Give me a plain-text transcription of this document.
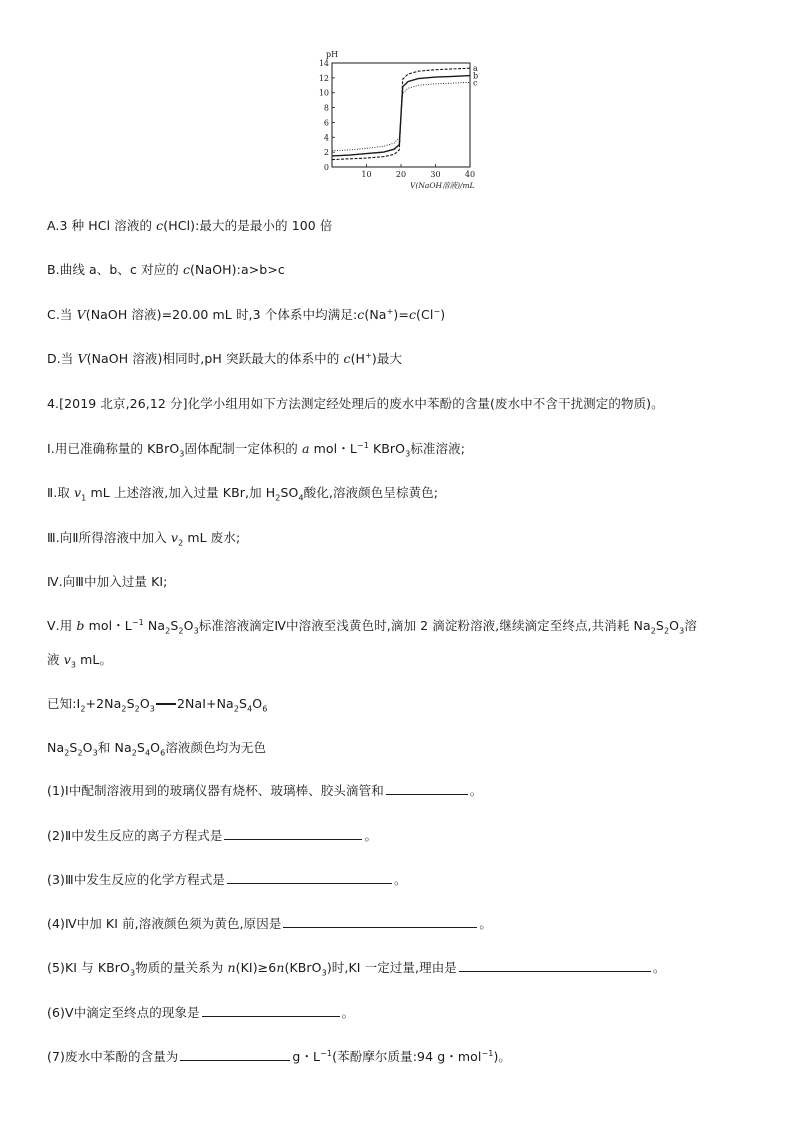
pH
V(NaOH溶液)/mL
0
2
4
6
8
10
12
14
10	20	30	40
a
b
c
A.3 种 HCl 溶液的 c(HCl):最大的是最小的 100 倍
B.曲线 a、b、c 对应的 c(NaOH):a>b>c
C.当 V(NaOH 溶液)=20.00 mL 时,3 个体系中均满足:c(Na+)=c(Cl−)
D.当 V(NaOH 溶液)相同时,pH 突跃最大的体系中的 c(H+)最大
4.[2019 北京,26,12 分]化学小组用如下方法测定经处理后的废水中苯酚的含量(废水中不含干扰测定的物质)。
Ⅰ.用已准确称量的 KBrO$_3$固体配制一定体积的 a mol・$L^{-1}$ KBrO$_3$标准溶液;
Ⅱ.取 $v_1$ mL 上述溶液,加入过量 KBr,加 $H_2SO_4$酸化,溶液颜色呈棕黄色;
Ⅲ.向Ⅱ所得溶液中加入 $v_2$ mL 废水;
Ⅳ.向Ⅲ中加入过量 KI;
Ⅴ.用 b mol・$L^{-1}$ $Na_2S_2O_3$标准溶液滴定Ⅳ中溶液至浅黄色时,滴加 2 滴淀粉溶液,继续滴定至终点,共消耗 $Na_2S_2O_3$溶
液 $v_3$ mL。
已知$:I_2+2Na_2S_2O_3$ $2NaI+Na_2S_4O_6$
$Na_2S_2O_3$和 $Na_2S_4O_6$溶液颜色均为无色
(1)Ⅰ中配制溶液用到的玻璃仪器有烧杯、玻璃棒、胶头滴管和	。
(2)Ⅱ中发生反应的离子方程式是	。
(3)Ⅲ中发生反应的化学方程式是	。
(4)Ⅳ中加 KI 前,溶液颜色须为黄色,原因是	。
(5)KI 与 KBrO$_3$物质的量关系为 n(KI)≥6n(KBrO$_3$)时,KI 一定过量,理由是	。
(6)Ⅴ中滴定至终点的现象是	。
(7)废水中苯酚的含量为	g・$L^{-1}$(苯酚摩尔质量:94 g・mol$^{-1}$)。
